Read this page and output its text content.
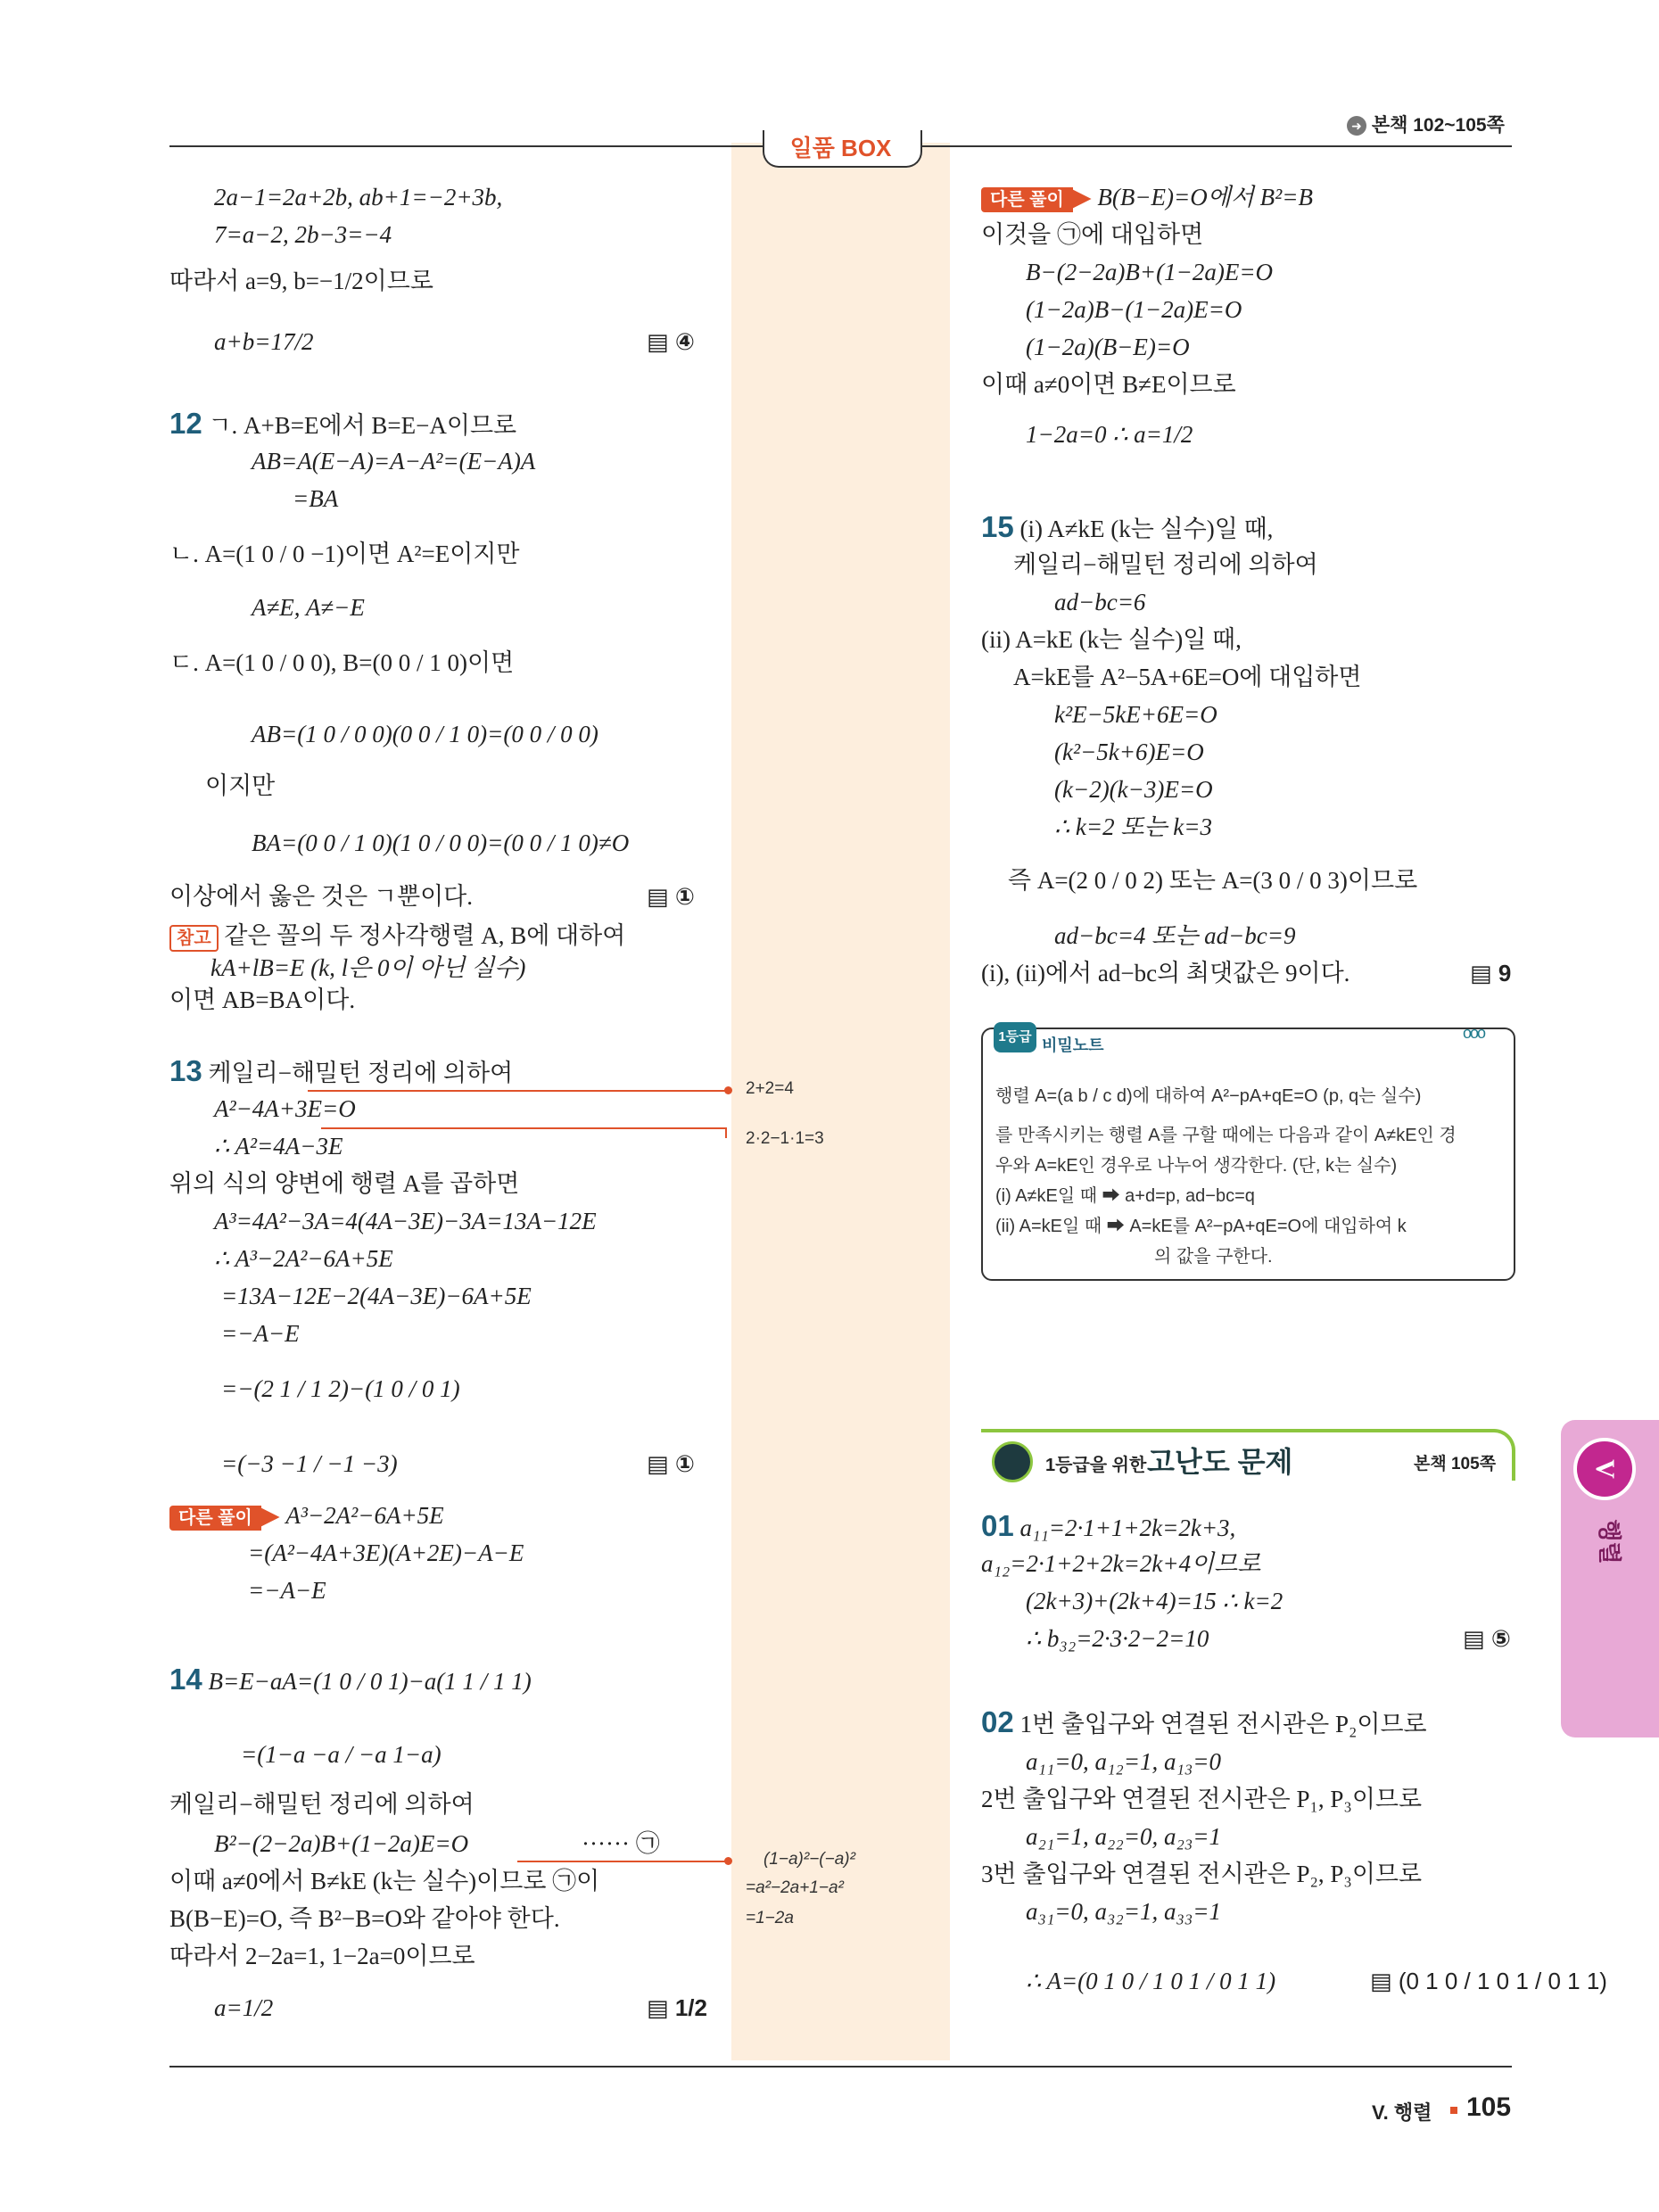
일품 BOX
➜ 본책 102~105쪽
2a−1=2a+2b, ab+1=−2+3b,
7=a−2, 2b−3=−4
따라서 a=9, b=−1/2이므로
a+b=17/2	▤ ④
12 ㄱ. A+B=E에서 B=E−A이므로
AB=A(E−A)=A−A²=(E−A)A
=BA
ㄴ. A=(1 0 / 0 −1)이면 A²=E이지만
A≠E, A≠−E
ㄷ. A=(1 0 / 0 0), B=(0 0 / 1 0)이면
AB=(1 0 / 0 0)(0 0 / 1 0)=(0 0 / 0 0)
이지만
BA=(0 0 / 1 0)(1 0 / 0 0)=(0 0 / 1 0)≠O
이상에서 옳은 것은 ㄱ뿐이다.	▤ ①
참고 같은 꼴의 두 정사각행렬 A, B에 대하여
kA+lB=E (k, l은 0이 아닌 실수)
이면 AB=BA이다.
13 케일리−해밀턴 정리에 의하여
A²−4A+3E=O
∴ A²=4A−3E
위의 식의 양변에 행렬 A를 곱하면
A³=4A²−3A=4(4A−3E)−3A=13A−12E
∴ A³−2A²−6A+5E
=13A−12E−2(4A−3E)−6A+5E
=−A−E
=−(2 1 / 1 2)−(1 0 / 0 1)
=(−3 −1 / −1 −3)	▤ ①
다른 풀이 ▶ A³−2A²−6A+5E
=(A²−4A+3E)(A+2E)−A−E
=−A−E
2+2=4
2·2−1·1=3
14 B=E−aA=(1 0 / 0 1)−a(1 1 / 1 1)
=(1−a −a / −a 1−a)
케일리−해밀턴 정리에 의하여
B²−(2−2a)B+(1−2a)E=O	······ ㉠
이때 a≠0에서 B≠kE (k는 실수)이므로 ㉠이
B(B−E)=O, 즉 B²−B=O와 같아야 한다.
따라서 2−2a=1, 1−2a=0이므로
a=1/2	▤ 1/2
(1−a)²−(−a)²
=a²−2a+1−a²
=1−2a
다른 풀이 ▶ B(B−E)=O에서 B²=B
이것을 ㉠에 대입하면
B−(2−2a)B+(1−2a)E=O
(1−2a)B−(1−2a)E=O
(1−2a)(B−E)=O
이때 a≠0이면 B≠E이므로
1−2a=0 ∴ a=1/2
15 (i) A≠kE (k는 실수)일 때,
케일리−해밀턴 정리에 의하여
ad−bc=6
(ii) A=kE (k는 실수)일 때,
A=kE를 A²−5A+6E=O에 대입하면
k²E−5kE+6E=O
(k²−5k+6)E=O
(k−2)(k−3)E=O
∴ k=2 또는 k=3
즉 A=(2 0 / 0 2) 또는 A=(3 0 / 0 3)이므로
ad−bc=4 또는 ad−bc=9
(i), (ii)에서 ad−bc의 최댓값은 9이다.	▤ 9
1등급 비밀노트
ooo
행렬 A=(a b / c d)에 대하여 A²−pA+qE=O (p, q는 실수)
를 만족시키는 행렬 A를 구할 때에는 다음과 같이 A≠kE인 경
우와 A=kE인 경우로 나누어 생각한다. (단, k는 실수)
(i) A≠kE일 때 ➡ a+d=p, ad−bc=q
(ii) A=kE일 때 ➡ A=kE를 A²−pA+qE=O에 대입하여 k
의 값을 구한다.
1등급을 위한 고난도 문제	본책 105쪽
01 a₁₁=2·1+1+2k=2k+3,
a₁₂=2·1+2+2k=2k+4이므로
(2k+3)+(2k+4)=15 ∴ k=2
∴ b₃₂=2·3·2−2=10	▤ ⑤
02 1번 출입구와 연결된 전시관은 P₂이므로
a₁₁=0, a₁₂=1, a₁₃=0
2번 출입구와 연결된 전시관은 P₁, P₃이므로
a₂₁=1, a₂₂=0, a₂₃=1
3번 출입구와 연결된 전시관은 P₂, P₃이므로
a₃₁=0, a₃₂=1, a₃₃=1
∴ A=(0 1 0 / 1 0 1 / 0 1 1)	▤ (0 1 0 / 1 0 1 / 0 1 1)
V
행렬
V. 행렬 105
